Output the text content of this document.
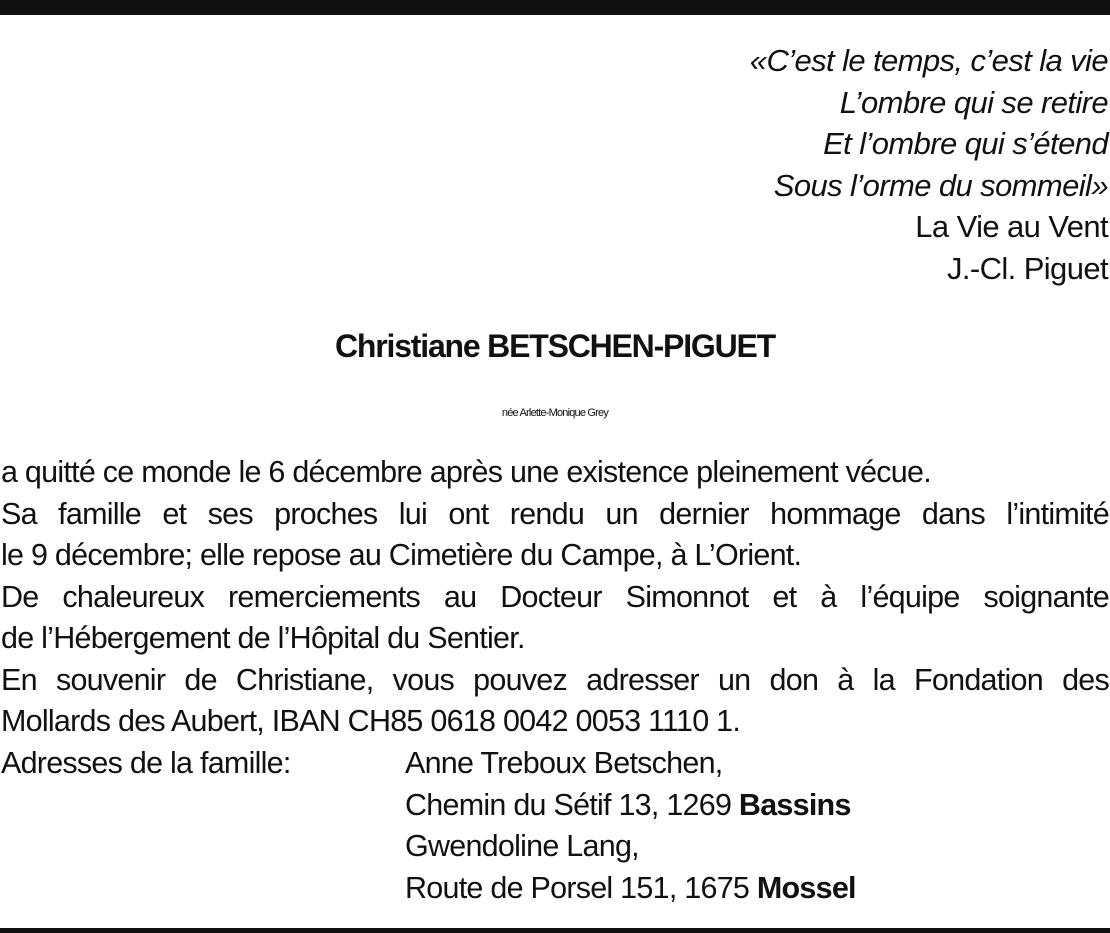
«C’est le temps, c’est la vie
L’ombre qui se retire
Et l’ombre qui s’étend
Sous l’orme du sommeil»
La Vie au Vent
J.-Cl. Piguet
Christiane BETSCHEN-PIGUET
née Arlette-Monique Grey
a quitté ce monde le 6 décembre après une existence pleinement vécue.
Sa famille et ses proches lui ont rendu un dernier hommage dans l’intimité
le 9 décembre; elle repose au Cimetière du Campe, à L’Orient.
De chaleureux remerciements au Docteur Simonnot et à l’équipe soignante
de l’Hébergement de l’Hôpital du Sentier.
En souvenir de Christiane, vous pouvez adresser un don à la Fondation des
Mollards des Aubert, IBAN CH85 0618 0042 0053 1110 1.
Adresses de la famille:	Anne Treboux Betschen,
Chemin du Sétif 13, 1269 Bassins
Gwendoline Lang,
Route de Porsel 151, 1675 Mossel
